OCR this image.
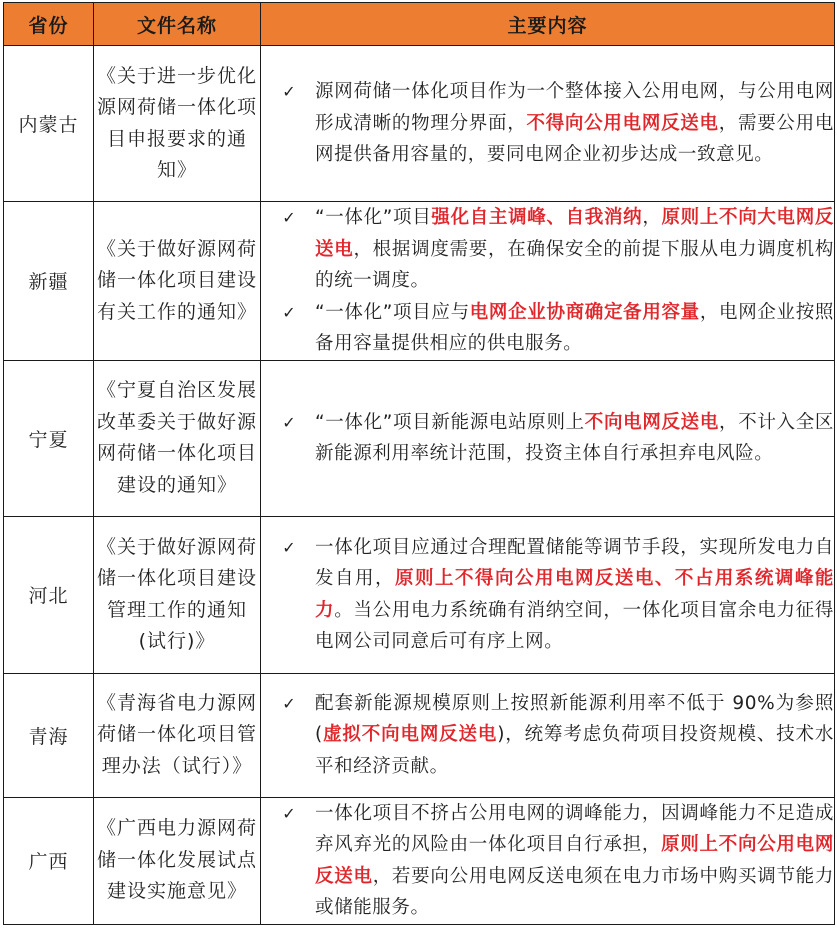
省份	文件名称	主要内容
内蒙古	《关于进一步优化源网荷储一体化项目申报要求的通知》	✓ 源网荷储一体化项目作为一个整体接入公用电网，与公用电网形成清晰的物理分界面，不得向公用电网反送电，需要公用电网提供备用容量的，要同电网企业初步达成一致意见。

新疆	《关于做好源网荷储一体化项目建设有关工作的通知》	✓ “一体化”项目强化自主调峰、自我消纳，原则上不向大电网反送电，根据调度需要，在确保安全的前提下服从电力调度机构的统一调度。
✓ “一体化”项目应与电网企业协商确定备用容量，电网企业按照备用容量提供相应的供电服务。

宁夏	《宁夏自治区发展改革委关于做好源网荷储一体化项目建设的通知》	✓ “一体化”项目新能源电站原则上不向电网反送电，不计入全区新能源利用率统计范围，投资主体自行承担弃电风险。

河北	《关于做好源网荷储一体化项目建设管理工作的通知(试行)》	✓ 一体化项目应通过合理配置储能等调节手段，实现所发电力自发自用，原则上不得向公用电网反送电、不占用系统调峰能力。当公用电力系统确有消纳空间，一体化项目富余电力征得电网公司同意后可有序上网。

青海	《青海省电力源网荷储一体化项目管理办法（试行）》	✓ 配套新能源规模原则上按照新能源利用率不低于 90%为参照(虚拟不向电网反送电)，统筹考虑负荷项目投资规模、技术水平和经济贡献。

广西	《广西电力源网荷储一体化发展试点建设实施意见》	✓ 一体化项目不挤占公用电网的调峰能力，因调峰能力不足造成弃风弃光的风险由一体化项目自行承担，原则上不向公用电网反送电，若要向公用电网反送电须在电力市场中购买调节能力或储能服务。
